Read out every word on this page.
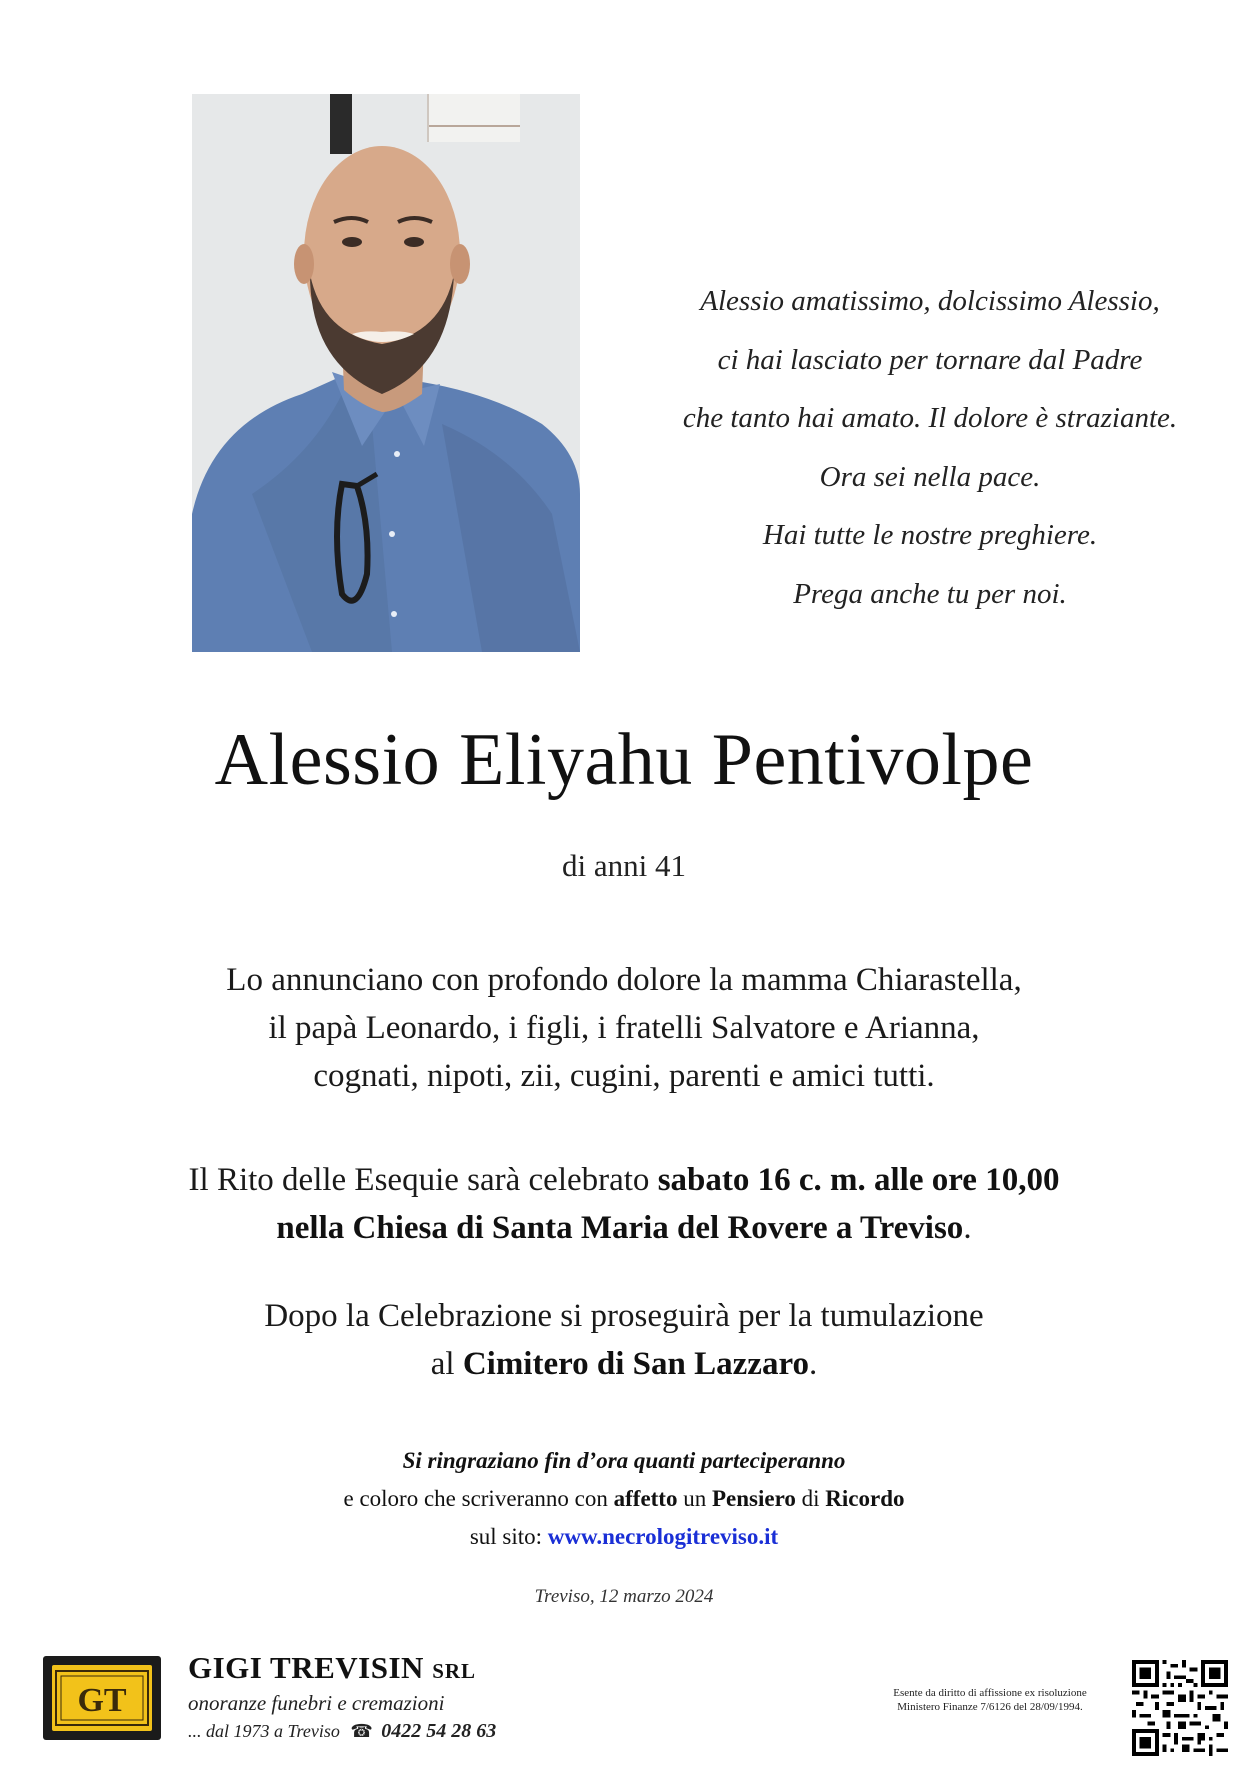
Alessio amatissimo, dolcissimo Alessio,
ci hai lasciato per tornare dal Padre
che tanto hai amato. Il dolore è straziante.
Ora sei nella pace.
Hai tutte le nostre preghiere.
Prega anche tu per noi.
Alessio Eliyahu Pentivolpe
di anni 41
Lo annunciano con profondo dolore la mamma Chiarastella,
il papà Leonardo, i figli, i fratelli Salvatore e Arianna,
cognati, nipoti, zii, cugini, parenti e amici tutti.
Il Rito delle Esequie sarà celebrato sabato 16 c. m. alle ore 10,00
nella Chiesa di Santa Maria del Rovere a Treviso.
Dopo la Celebrazione si proseguirà per la tumulazione
al Cimitero di San Lazzaro.
Si ringraziano fin d’ora quanti parteciperanno
e coloro che scriveranno con affetto un Pensiero di Ricordo
sul sito: www.necrologitreviso.it
Treviso, 12 marzo 2024
GT
GIGI TREVISIN SRL
onoranze funebri e cremazioni
... dal 1973 a Treviso ☎ 0422 54 28 63
Esente da diritto di affissione ex risoluzione
Ministero Finanze 7/6126 del 28/09/1994.
